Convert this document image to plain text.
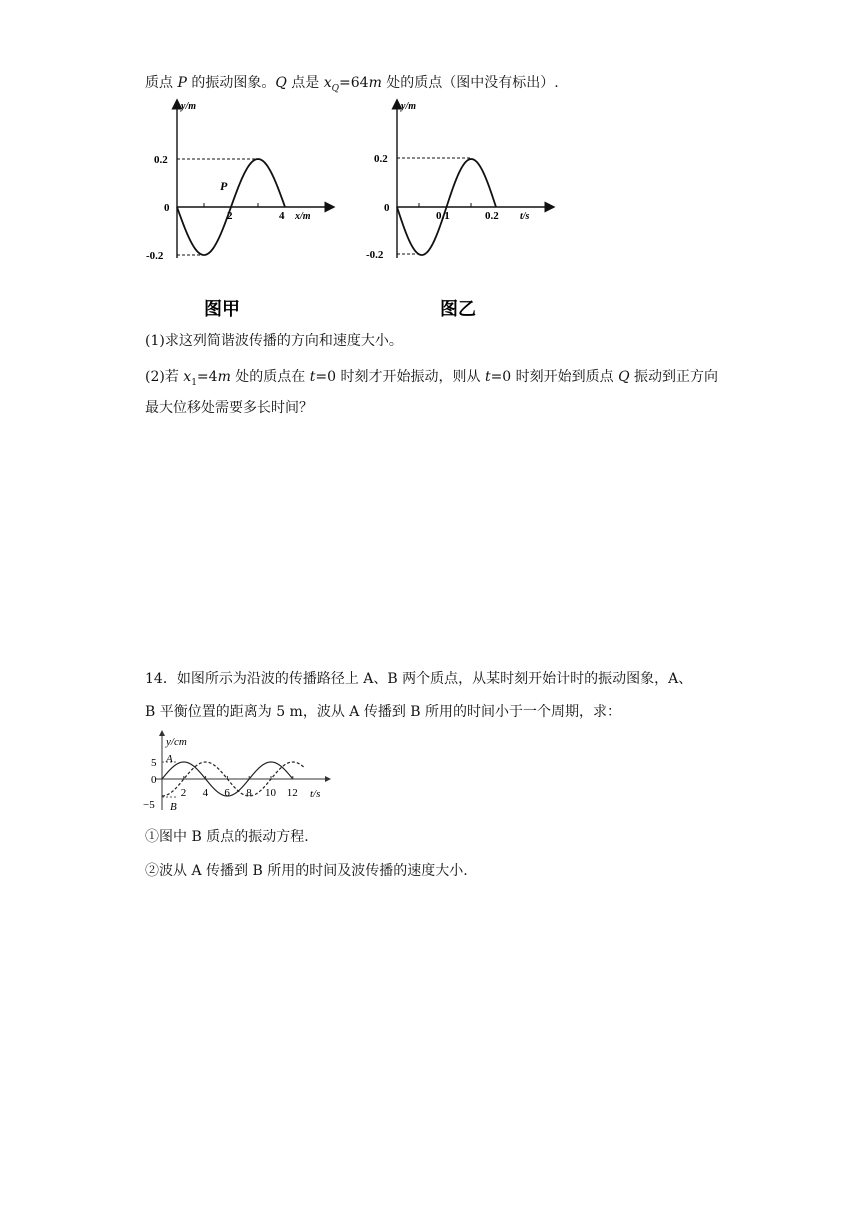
质点 P 的振动图象。Q 点是 $x_Q=64m$ 处的质点（图中没有标出）.
y/m
x/m
0.2
0
-0.2
2	4
P
图甲
y/m
t/s
0.2
0
-0.2
0.1	0.2
图乙
(1)求这列简谐波传播的方向和速度大小。
(2)若 $x_1=4m$ 处的质点在 t=0 时刻才开始振动，则从 t=0 时刻开始到质点 Q 振动到正方向
最大位移处需要多长时间？
14．如图所示为沿波的传播路径上 A、B 两个质点，从某时刻开始计时的振动图象，A、
B 平衡位置的距离为 5 m，波从 A 传播到 B 所用的时间小于一个周期，求：
y/cm
t/s
A
B
5
0
−5
2 4 6 8 10 12
①图中 B 质点的振动方程.
②波从 A 传播到 B 所用的时间及波传播的速度大小.
